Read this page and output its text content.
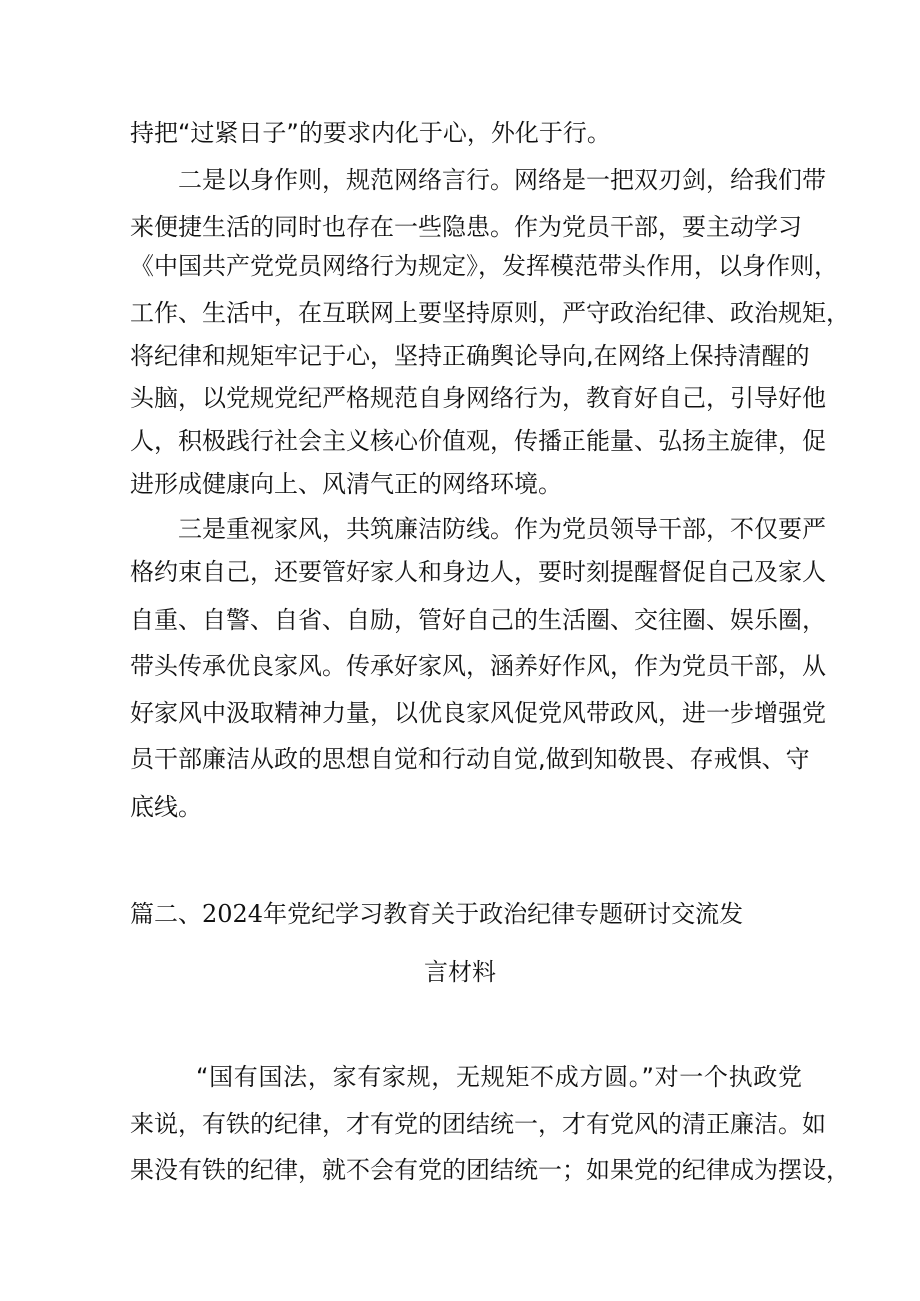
持把“过紧日子”的要求内化于心，外化于行。
二是以身作则，规范网络言行。网络是一把双刃剑，给我们带
来便捷生活的同时也存在一些隐患。作为党员干部，要主动学习
《中国共产党党员网络行为规定》，发挥模范带头作用，以身作则，
工作、生活中，在互联网上要坚持原则，严守政治纪律、政治规矩，
将纪律和规矩牢记于心，坚持正确舆论导向,在网络上保持清醒的
头脑，以党规党纪严格规范自身网络行为，教育好自己，引导好他
人，积极践行社会主义核心价值观，传播正能量、弘扬主旋律，促
进形成健康向上、风清气正的网络环境。
三是重视家风，共筑廉洁防线。作为党员领导干部，不仅要严
格约束自己，还要管好家人和身边人，要时刻提醒督促自己及家人
自重、自警、自省、自励，管好自己的生活圈、交往圈、娱乐圈，
带头传承优良家风。传承好家风，涵养好作风，作为党员干部，从
好家风中汲取精神力量，以优良家风促党风带政风，进一步增强党
员干部廉洁从政的思想自觉和行动自觉,做到知敬畏、存戒惧、守
底线。
篇二、2024年党纪学习教育关于政治纪律专题研讨交流发
言材料
“国有国法，家有家规，无规矩不成方圆。”对一个执政党
来说，有铁的纪律，才有党的团结统一，才有党风的清正廉洁。如
果没有铁的纪律，就不会有党的团结统一；如果党的纪律成为摆设，
